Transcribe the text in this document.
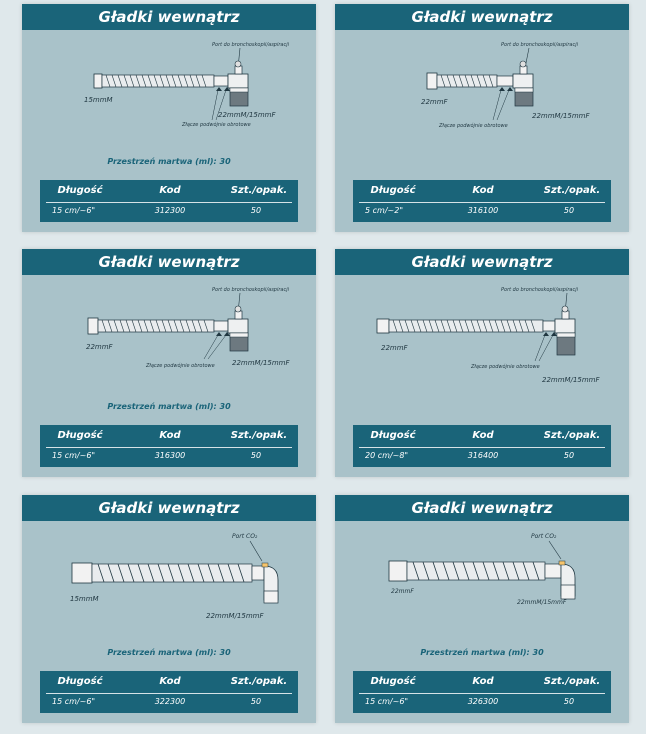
Gładki wewnątrz
Port do bronchoskopii/aspiracji
15mmM
22mmM/15mmF
Złącze podwójnie obrotowe
Przestrzeń martwa (ml): 30
Długość	Kod	Szt./opak.
15 cm/~6"	312300	50
Gładki wewnątrz
Port do bronchoskopii/aspiracji
22mmF
22mmM/15mmF
Złącze podwójnie obrotowe
Długość	Kod	Szt./opak.
5 cm/~2"	316100	50
Gładki wewnątrz
Port do bronchoskopii/aspiracji
22mmF
22mmM/15mmF
Złącze podwójnie obrotowe
Przestrzeń martwa (ml): 30
Długość	Kod	Szt./opak.
15 cm/~6"	316300	50
Gładki wewnątrz
Port do bronchoskopii/aspiracji
22mmF
22mmM/15mmF
Złącze podwójnie obrotowe
Długość	Kod	Szt./opak.
20 cm/~8"	316400	50
Gładki wewnątrz
Port CO₂
15mmM
22mmM/15mmF
Przestrzeń martwa (ml): 30
Długość	Kod	Szt./opak.
15 cm/~6"	322300	50
Gładki wewnątrz
Port CO₂
22mmF
22mmM/15mmF
Przestrzeń martwa (ml): 30
Długość	Kod	Szt./opak.
15 cm/~6"	326300	50
